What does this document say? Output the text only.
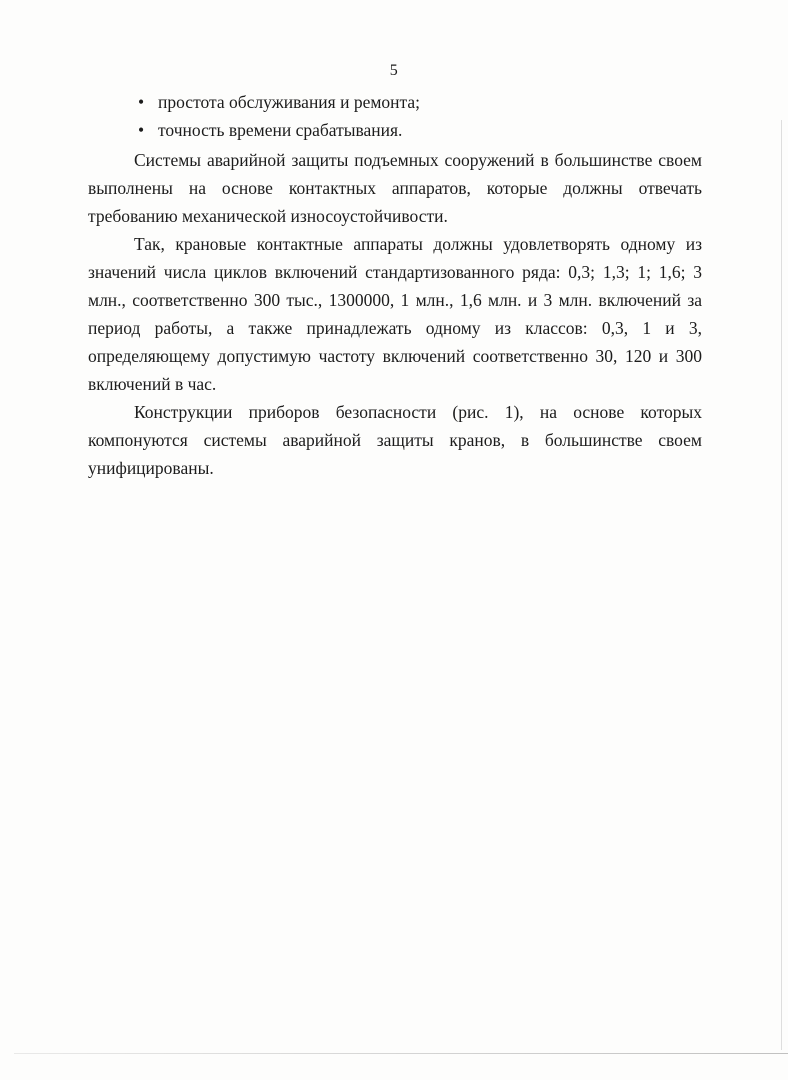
5
• простота обслуживания и ремонта;
• точность времени срабатывания.

Системы аварийной защиты подъемных сооружений в большинстве своем выполнены на основе контактных аппаратов, которые должны отвечать требованию механической износоустойчивости.

Так, крановые контактные аппараты должны удовлетворять одному из значений числа циклов включений стандартизованного ряда: 0,3; 1,3; 1; 1,6; 3 млн., соответственно 300 тыс., 1300000, 1 млн., 1,6 млн. и 3 млн. включений за период работы, а также принадлежать одному из классов: 0,3, 1 и 3, определяющему допустимую частоту включений соответственно 30, 120 и 300 включений в час.

Конструкции приборов безопасности (рис. 1), на основе которых компонуются системы аварийной защиты кранов, в большинстве своем унифицированы.
